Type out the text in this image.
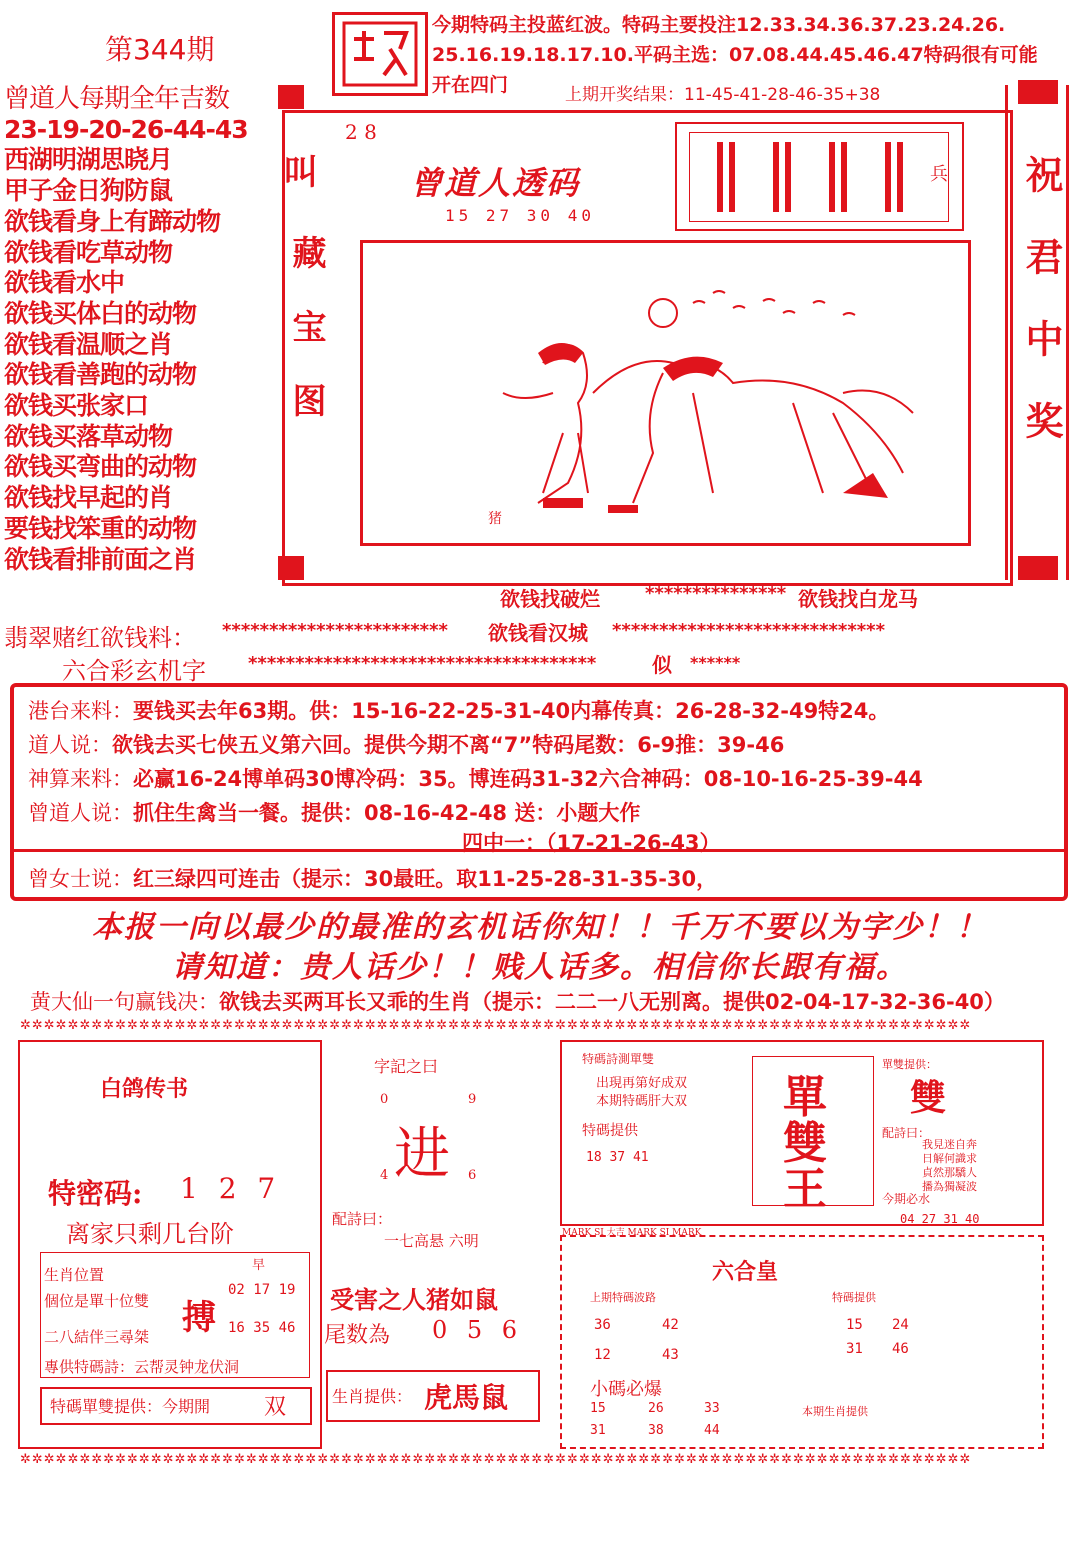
第344期
曾道人每期全年吉数
23-19-20-26-44-43
西湖明湖思晓月
甲子金日狗防鼠
欲钱看身上有蹄动物
欲钱看吃草动物
欲钱看水中
欲钱买体白的动物
欲钱看温顺之肖
欲钱看善跑的动物
欲钱买张家口
欲钱买落草动物
欲钱买弯曲的动物
欲钱找早起的肖
要钱找笨重的动物
欲钱看排前面之肖
今期特码主投蓝红波。特码主要投注12.33.34.36.37.23.24.26.
25.16.19.18.17.10.平码主选：07.08.44.45.46.47特码很有可能
开在四门	上期开奖结果：11-45-41-28-46-35+38
藏宝图
叫	祝君中奖
2 8
曾道人透码
15 27 30 40
兵
猪
欲钱找破烂	*************** 欲钱找白龙马
翡翠赌红欲钱料： ************************ 欲钱看汉城 *****************************
六合彩玄机字 *************************************	似 ******
港台来料：要钱买去年63期。供：15-16-22-25-31-40内幕传真：26-28-32-49特24。
道人说：欲钱去买七侠五义第六回。提供今期不离“7”特码尾数：6-9推：39-46
神算来料：必赢16-24博单码30博冷码：35。博连码31-32六合神码：08-10-16-25-39-44
曾道人说：抓住生禽当一餐。提供：08-16-42-48 送：小题大作
四中一：（17-21-26-43）
曾女士说：红三绿四可连击（提示：30最旺。取11-25-28-31-35-30，
本报一向以最少的最准的玄机话你知！！千万不要以为字少！！
请知道：贵人话少！！贱人话多。相信你长跟有福。
黄大仙一句赢钱决：欲钱去买两耳长又乖的生肖（提示：二二一八无别离。提供02-04-17-32-36-40）
✲✲✲✲✲✲✲✲✲✲✲✲✲✲✲✲✲✲✲✲✲✲✲✲✲✲✲✲✲✲✲✲✲✲✲✲✲✲✲✲✲✲✲✲✲✲✲✲✲✲✲✲✲✲✲✲✲✲✲✲✲✲✲✲✲✲✲✲✲✲✲✲✲✲✲✲✲✲✲✲
✲✲✲✲✲✲✲✲✲✲✲✲✲✲✲✲✲✲✲✲✲✲✲✲✲✲✲✲✲✲✲✲✲✲✲✲✲✲✲✲✲✲✲✲✲✲✲✲✲✲✲✲✲✲✲✲✲✲✲✲✲✲✲✲✲✲✲✲✲✲✲✲✲✲✲✲✲✲✲✲
白鸽传书
特密码: 1 2 7
离家只剩几台阶
早
生肖位置
個位是單十位雙
二八結伴三尋桀 搏
02 17 19
16 35 46
專供特碼詩：云帮灵钟龙伏洞
特碼單雙提供：今期開 双
字記之曰
0	9
进
4	6
配詩曰：
一七高悬 六明
受害之人猪如鼠
尾数為 0 5 6
生肖提供： 虎馬鼠
特碼詩測單雙
出現再第好成双
本期特碼肝大双
特碼提供
18 37 41
單
雙
王
單雙提供：
雙
配詩曰：
我見迷自奔
日解何識求
貞然那驕人
播為獨凝波
今期必水
04 27 31 40
MARK SI 大吉 MARK SI MARK
六合皇
上期特碼波路
36	42
12	43
特碼提供
15 24
31 46
小碼必爆
15	26	33
31	38	44
本期生肖提供
